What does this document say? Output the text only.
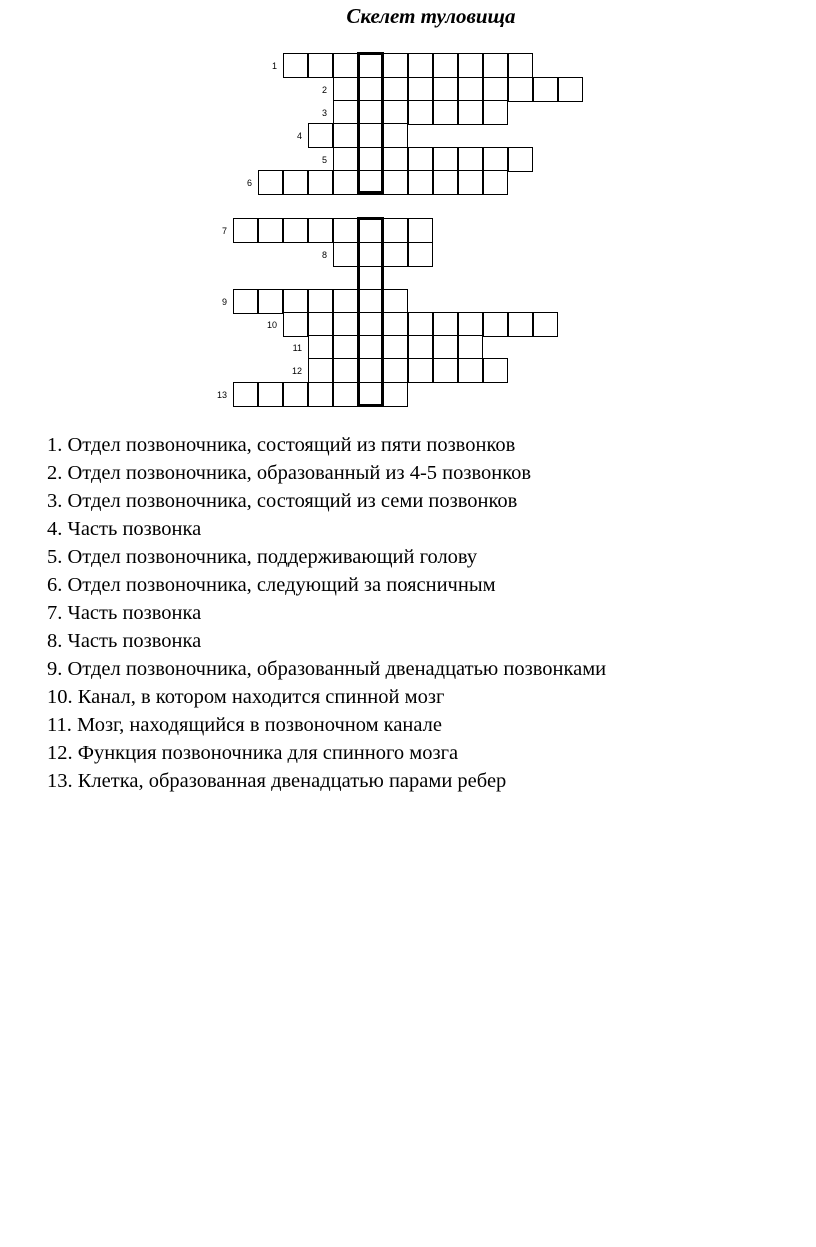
Скелет туловища
1
2
3
4
5
6
7
8
9
10
11
12
13
1. Отдел позвоночника, состоящий из пяти позвонков
2. Отдел позвоночника, образованный из 4-5 позвонков
3. Отдел позвоночника, состоящий из семи позвонков
4. Часть позвонка
5. Отдел позвоночника, поддерживающий голову
6. Отдел позвоночника, следующий за поясничным
7. Часть позвонка
8. Часть позвонка
9. Отдел позвоночника, образованный двенадцатью позвонками
10. Канал, в котором находится спинной мозг
11. Мозг, находящийся в позвоночном канале
12. Функция позвоночника для спинного мозга
13. Клетка, образованная двенадцатью парами ребер
